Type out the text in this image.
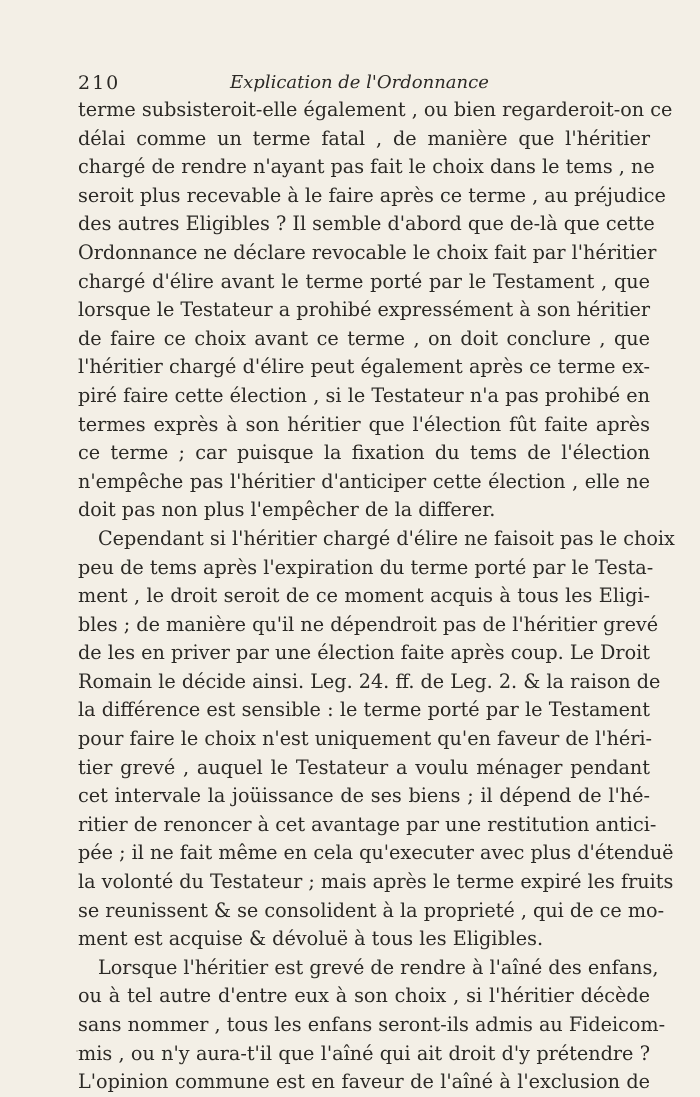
210	Explication de l'Ordonnance
terme subsisteroit-elle également , ou bien regarderoit-on ce
délai comme un terme fatal , de manière que l'héritier
chargé de rendre n'ayant pas fait le choix dans le tems , ne
seroit plus recevable à le faire après ce terme , au préjudice
des autres Eligibles ? Il semble d'abord que de-là que cette
Ordonnance ne déclare revocable le choix fait par l'héritier
chargé d'élire avant le terme porté par le Testament , que
lorsque le Testateur a prohibé expressément à son héritier
de faire ce choix avant ce terme , on doit conclure , que
l'héritier chargé d'élire peut également après ce terme ex-
piré faire cette élection , si le Testateur n'a pas prohibé en
termes exprès à son héritier que l'élection fût faite après
ce terme ; car puisque la fixation du tems de l'élection
n'empêche pas l'héritier d'anticiper cette élection , elle ne
doit pas non plus l'empêcher de la differer.
Cependant si l'héritier chargé d'élire ne faisoit pas le choix
peu de tems après l'expiration du terme porté par le Testa-
ment , le droit seroit de ce moment acquis à tous les Eligi-
bles ; de manière qu'il ne dépendroit pas de l'héritier grevé
de les en priver par une élection faite après coup. Le Droit
Romain le décide ainsi. Leg. 24. ff. de Leg. 2. & la raison de
la différence est sensible : le terme porté par le Testament
pour faire le choix n'est uniquement qu'en faveur de l'héri-
tier grevé , auquel le Testateur a voulu ménager pendant
cet intervale la joüissance de ses biens ; il dépend de l'hé-
ritier de renoncer à cet avantage par une restitution antici-
pée ; il ne fait même en cela qu'executer avec plus d'étenduë
la volonté du Testateur ; mais après le terme expiré les fruits
se reunissent & se consolident à la proprieté , qui de ce mo-
ment est acquise & dévoluë à tous les Eligibles.
Lorsque l'héritier est grevé de rendre à l'aîné des enfans,
ou à tel autre d'entre eux à son choix , si l'héritier décède
sans nommer , tous les enfans seront-ils admis au Fideicom-
mis , ou n'y aura-t'il que l'aîné qui ait droit d'y prétendre ?
L'opinion commune est en faveur de l'aîné à l'exclusion de
